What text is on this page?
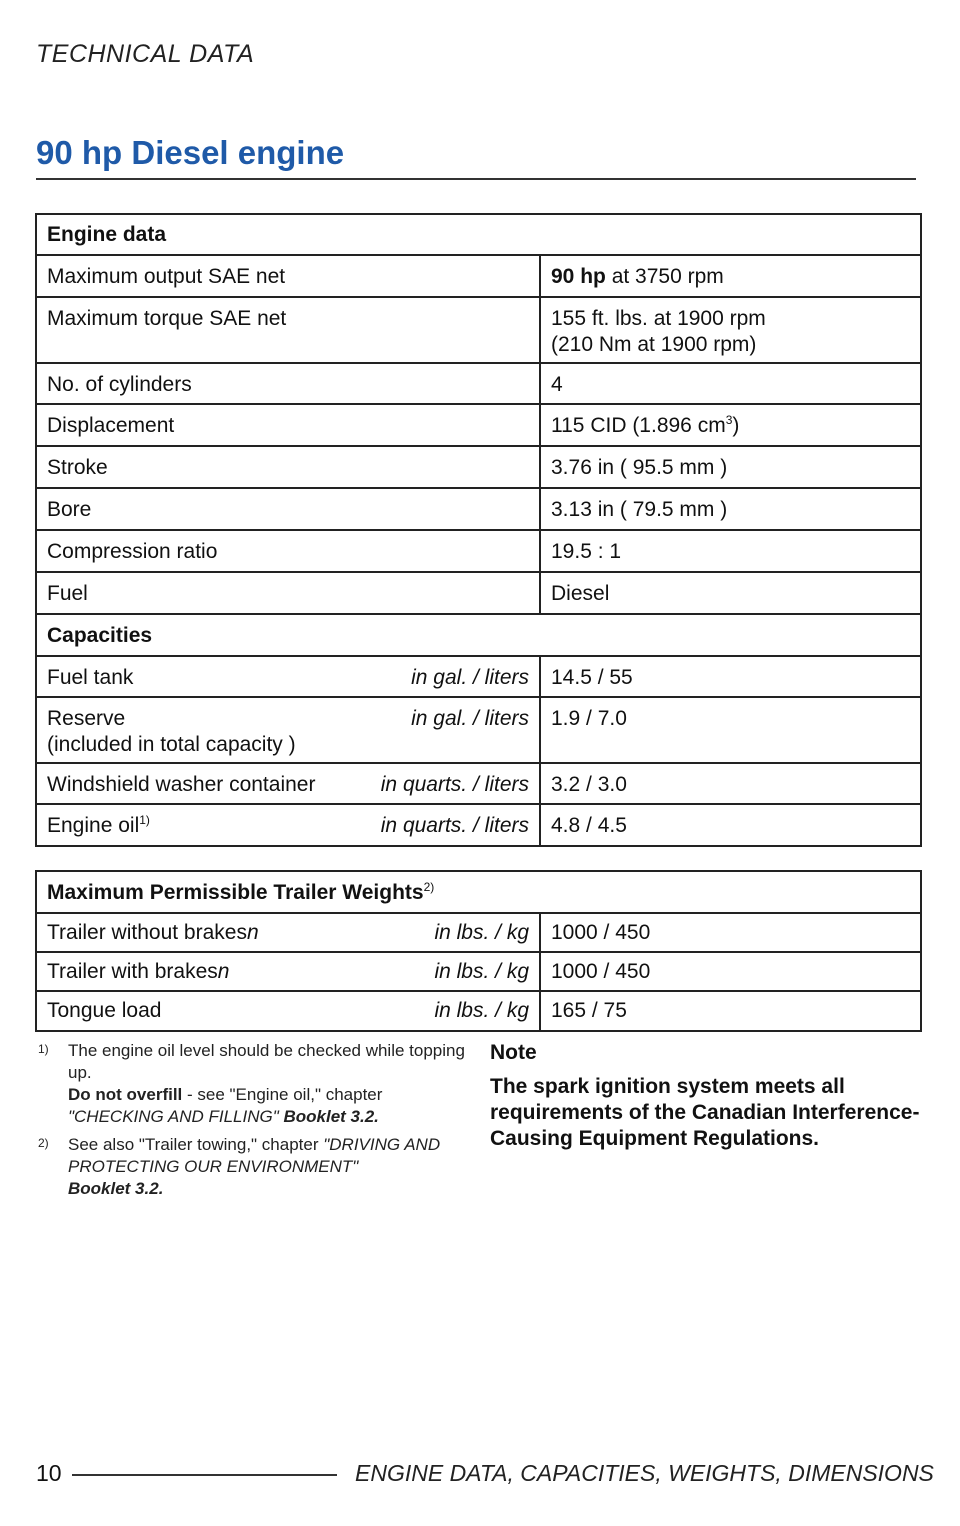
TECHNICAL DATA
90 hp Diesel engine
Engine data	
Maximum output SAE net	90 hp at 3750 rpm
Maximum torque SAE net	155 ft. lbs. at 1900 rpm
(210 Nm at 1900 rpm)

No. of cylinders	4
Displacement	115 CID (1.896 $cm^3$)
Stroke	3.76 in ( 95.5 mm )
Bore	3.13 in ( 79.5 mm )
Compression ratio	19.5 : 1
Fuel	Diesel
Capacities	
Fuel tank in gal. / liters	14.5 / 55

Reserve
(included in total capacity )
in gal. / liters	1.9 / 7.0
Windshield washer container in quarts. / liters	3.2 / 3.0
Engine oil$^{1)}$ in quarts. / liters	4.8 / 4.5
Maximum Permissible Trailer Weights$^{2)}$
Trailer without brakesn in lbs. / kg	1000 / 450
Trailer with brakesn in lbs. / kg	1000 / 450
Tongue load in lbs. / kg	165 / 75
1) The engine oil level should be checked while topping up.
Do not overfill - see "Engine oil," chapter "CHECKING AND FILLING" Booklet 3.2.
2) See also "Trailer towing," chapter "DRIVING AND PROTECTING OUR ENVIRONMENT"
Booklet 3.2.
Note
The spark ignition system meets all requirements of the Canadian Interference-Causing Equipment Regulations.
10	ENGINE DATA, CAPACITIES, WEIGHTS, DIMENSIONS
